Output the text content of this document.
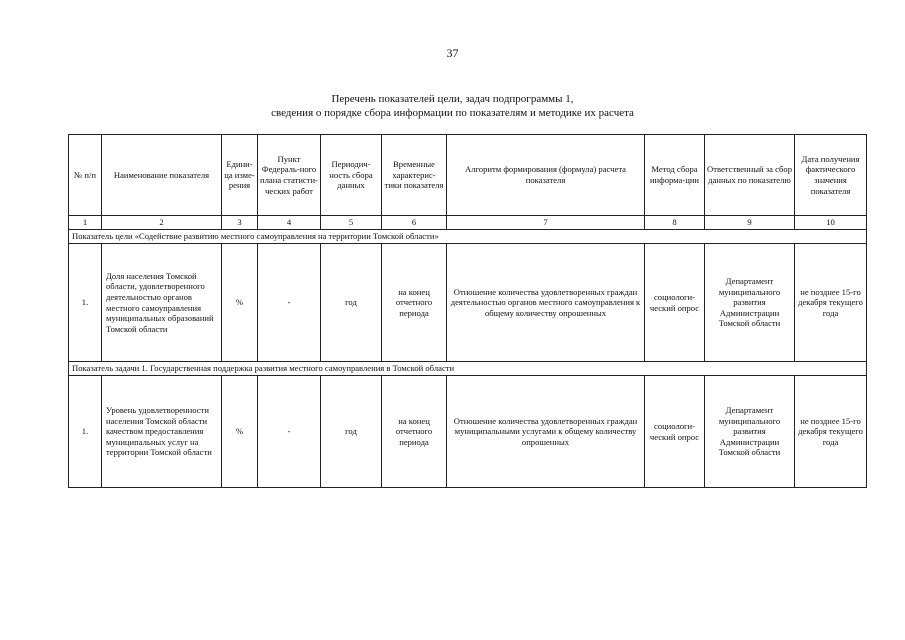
37
Перечень показателей цели, задач подпрограммы 1,
сведения о порядке сбора информации по показателям и методике их расчета
№ п/п	Наименование показателя	Едини-ца изме-рения	Пункт Федераль-ного плана статисти-ческих работ	Периодич-ность сбора данных	Временные характерис-тики показателя	Алгоритм формирования (формула) расчета показателя	Метод сбора информа-ции	Ответственный за сбор данных по показателю	Дата получения фактического значения показателя
1	2	3	4	5	6	7	8	9	10
Показатель цели «Содействие развитию местного самоуправления на территории Томской области»									
1.	Доля населения Томской области, удовлетворенного деятельностью органов местного самоуправления муниципальных образований Томской области	%	-	год	на конец отчетного периода	Отношение количества удовлетворенных граждан деятельностью органов местного самоуправления к общему количеству опрошенных	социологи-ческий опрос	Департамент муниципального развития Администрации Томской области	не позднее 15-го декабря текущего года
Показатель задачи 1. Государственная поддержка развития местного самоуправления в Томской области									
1.	Уровень удовлетворенности населения Томской области качеством предоставления муниципальных услуг на территории Томской области	%	-	год	на конец отчетного периода	Отношение количества удовлетворенных граждан муниципальными услугами к общему количеству опрошенных	социологи-ческий опрос	Департамент муниципального развития Администрации Томской области	не позднее 15-го декабря текущего года
